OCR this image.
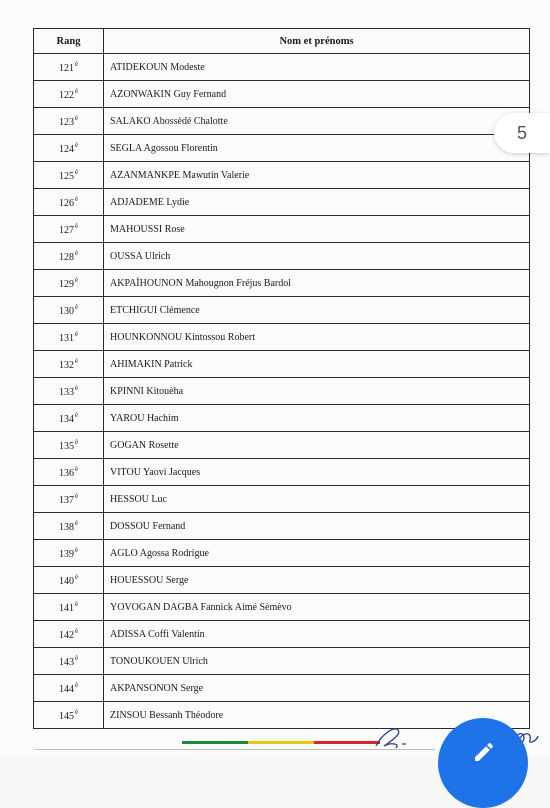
Rang	Nom et prénoms
$121^è$	ATIDEKOUN Modeste
$122^è$	AZONWAKIN Guy Fernand
$123^è$	SALAKO Abossèdé Chalotte
$124^è$	SEGLA Agossou Florentin
$125^è$	AZANMANKPE Mawutin Valerie
$126^è$	ADJADEME Lydie
$127^è$	MAHOUSSI Rose
$128^è$	OUSSA Ulrich
$129^è$	AKPAÏHOUNON Mahougnon Fréjus Bardol
$130^è$	ETCHIGUI Clémence
$131^è$	HOUNKONNOU Kintossou Robert
$132^è$	AHIMAKIN Patrick
$133^è$	KPINNI Kitouèha
$134^è$	YAROU Hachim
$135^è$	GOGAN Rosette
$136^è$	VITOU Yaovi Jacques
$137^è$	HESSOU Luc
$138^è$	DOSSOU Fernand
$139^è$	AGLO Agossa Rodrigue
$140^è$	HOUESSOU Serge
$141^è$	YOVOGAN DAGBA Fannick Aimé Sèmèvo
$142^è$	ADISSA Coffi Valentin
$143^è$	TONOUKOUEN Ulrich
$144^è$	AKPANSONON Serge
$145^è$	ZINSOU Bessanh Théodore
5
